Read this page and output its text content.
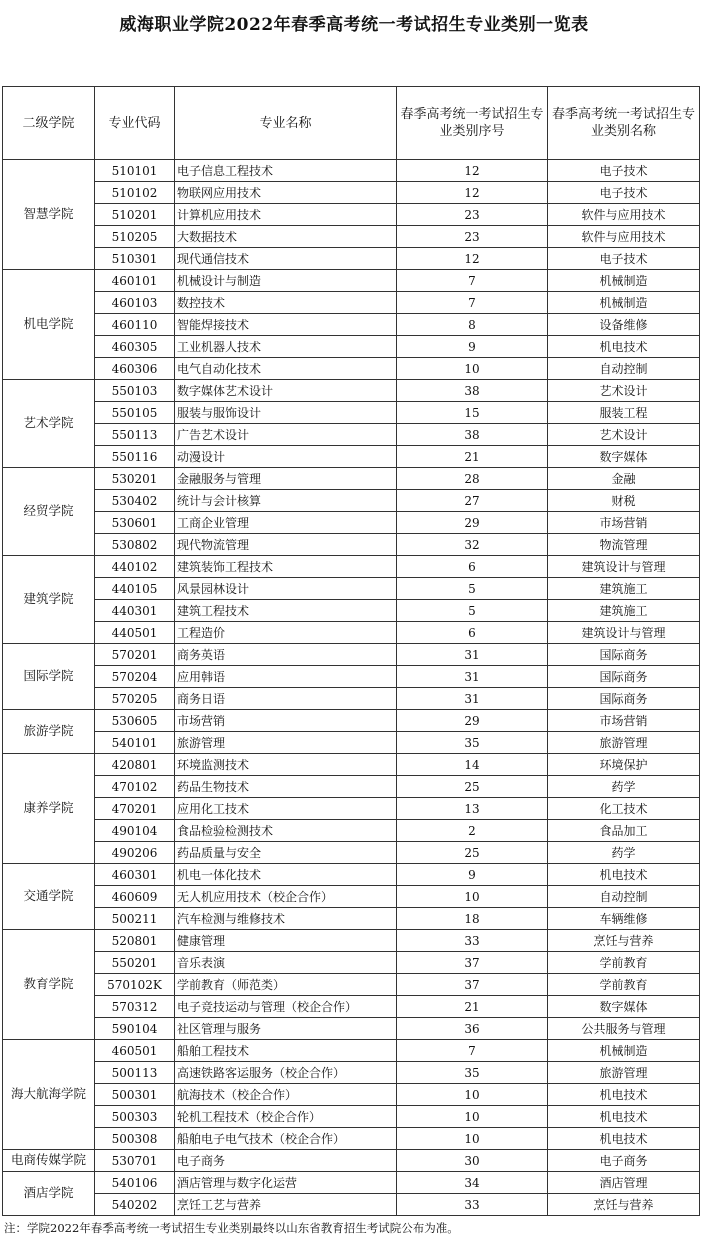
威海职业学院2022年春季高考统一考试招生专业类别一览表
二级学院	专业代码	专业名称	春季高考统一考试招生专业类别序号	春季高考统一考试招生专业类别名称
智慧学院	510101	电子信息工程技术	12	电子技术
	510102	物联网应用技术	12	电子技术
	510201	计算机应用技术	23	软件与应用技术
	510205	大数据技术	23	软件与应用技术
	510301	现代通信技术	12	电子技术
机电学院	460101	机械设计与制造	7	机械制造
	460103	数控技术	7	机械制造
	460110	智能焊接技术	8	设备维修
	460305	工业机器人技术	9	机电技术
	460306	电气自动化技术	10	自动控制
艺术学院	550103	数字媒体艺术设计	38	艺术设计
	550105	服装与服饰设计	15	服装工程
	550113	广告艺术设计	38	艺术设计
	550116	动漫设计	21	数字媒体
经贸学院	530201	金融服务与管理	28	金融
	530402	统计与会计核算	27	财税
	530601	工商企业管理	29	市场营销
	530802	现代物流管理	32	物流管理
建筑学院	440102	建筑装饰工程技术	6	建筑设计与管理
	440105	风景园林设计	5	建筑施工
	440301	建筑工程技术	5	建筑施工
	440501	工程造价	6	建筑设计与管理
国际学院	570201	商务英语	31	国际商务
	570204	应用韩语	31	国际商务
	570205	商务日语	31	国际商务
旅游学院	530605	市场营销	29	市场营销
	540101	旅游管理	35	旅游管理
康养学院	420801	环境监测技术	14	环境保护
	470102	药品生物技术	25	药学
	470201	应用化工技术	13	化工技术
	490104	食品检验检测技术	2	食品加工
	490206	药品质量与安全	25	药学
交通学院	460301	机电一体化技术	9	机电技术
	460609	无人机应用技术（校企合作）	10	自动控制
	500211	汽车检测与维修技术	18	车辆维修
教育学院	520801	健康管理	33	烹饪与营养
	550201	音乐表演	37	学前教育
	570102K	学前教育（师范类）	37	学前教育
	570312	电子竞技运动与管理（校企合作）	21	数字媒体
	590104	社区管理与服务	36	公共服务与管理
海大航海学院	460501	船舶工程技术	7	机械制造
	500113	高速铁路客运服务（校企合作）	35	旅游管理
	500301	航海技术（校企合作）	10	机电技术
	500303	轮机工程技术（校企合作）	10	机电技术
	500308	船舶电子电气技术（校企合作）	10	机电技术
电商传媒学院	530701	电子商务	30	电子商务
酒店学院	540106	酒店管理与数字化运营	34	酒店管理
	540202	烹饪工艺与营养	33	烹饪与营养
注：学院2022年春季高考统一考试招生专业类别最终以山东省教育招生考试院公布为准。
